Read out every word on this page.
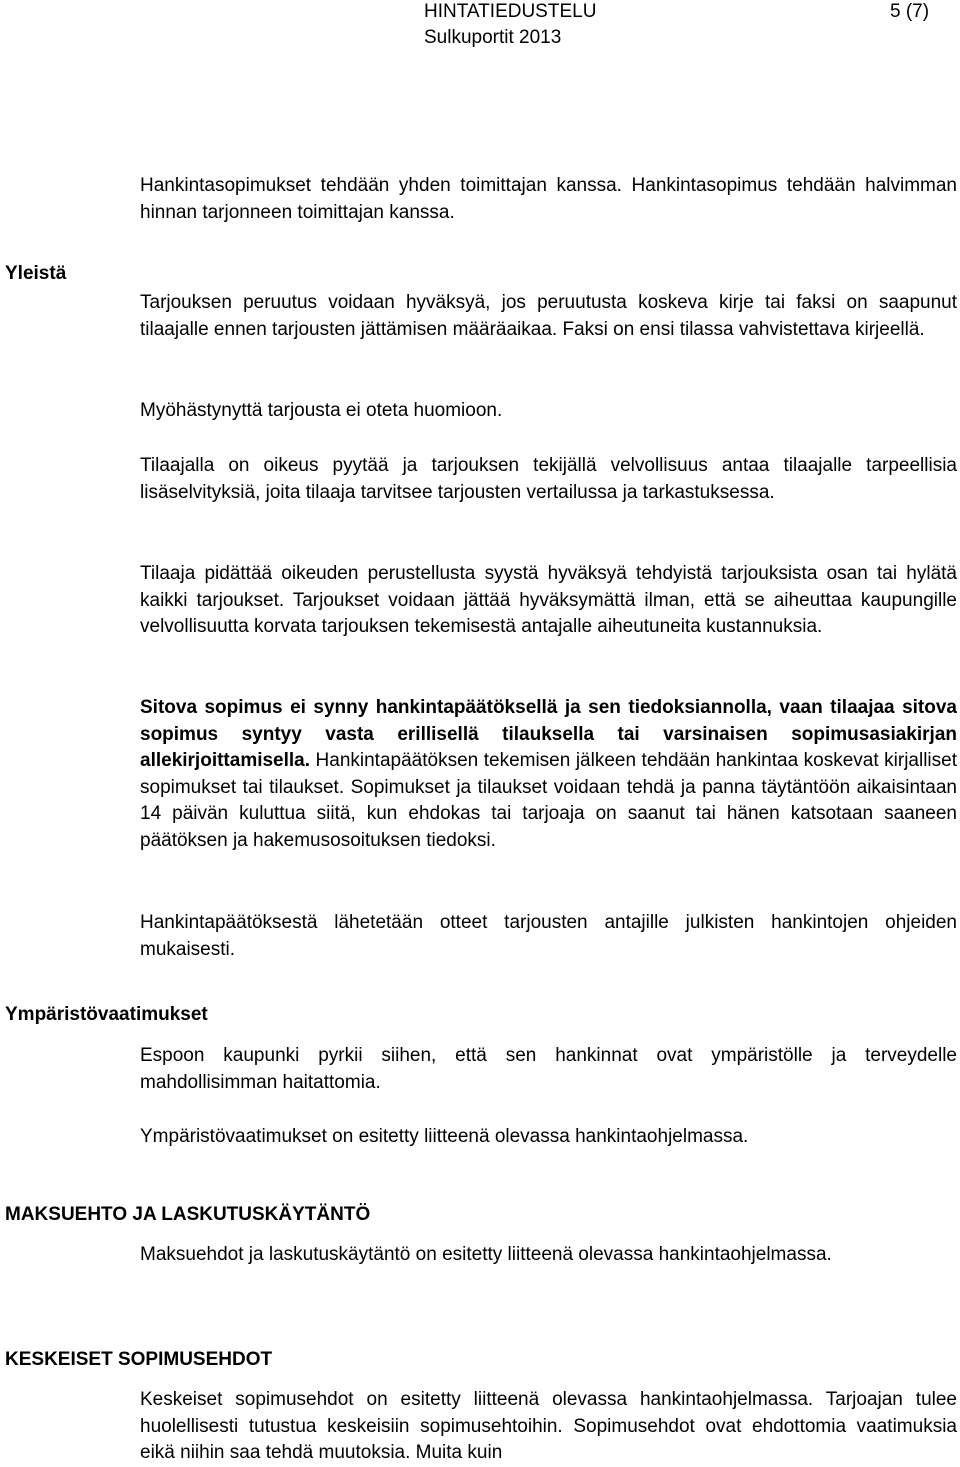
HINTATIEDUSTELU	5 (7)
Sulkuportit 2013

Hankintasopimukset tehdään yhden toimittajan kanssa. Hankintasopimus tehdään halvimman hinnan tarjonneen toimittajan kanssa.

Yleistä

Tarjouksen peruutus voidaan hyväksyä, jos peruutusta koskeva kirje tai faksi on saapunut tilaajalle ennen tarjousten jättämisen määräaikaa. Faksi on ensi tilassa vahvistettava kirjeellä.

Myöhästynyttä tarjousta ei oteta huomioon.

Tilaajalla on oikeus pyytää ja tarjouksen tekijällä velvollisuus antaa tilaajalle tarpeellisia lisäselvityksiä, joita tilaaja tarvitsee tarjousten vertailussa ja tarkastuksessa.

Tilaaja pidättää oikeuden perustellusta syystä hyväksyä tehdyistä tarjouksista osan tai hylätä kaikki tarjoukset. Tarjoukset voidaan jättää hyväksymättä ilman, että se aiheuttaa kaupungille velvollisuutta korvata tarjouksen tekemisestä antajalle aiheutuneita kustannuksia.

Sitova sopimus ei synny hankintapäätöksellä ja sen tiedoksiannolla, vaan tilaajaa sitova sopimus syntyy vasta erillisellä tilauksella tai varsinaisen sopimusasiakirjan allekirjoittamisella. Hankintapäätöksen tekemisen jälkeen tehdään hankintaa koskevat kirjalliset sopimukset tai tilaukset. Sopimukset ja tilaukset voidaan tehdä ja panna täytäntöön aikaisintaan 14 päivän kuluttua siitä, kun ehdokas tai tarjoaja on saanut tai hänen katsotaan saaneen päätöksen ja hakemusosoituksen tiedoksi.

Hankintapäätöksestä lähetetään otteet tarjousten antajille julkisten hankintojen ohjeiden mukaisesti.

Ympäristövaatimukset

Espoon kaupunki pyrkii siihen, että sen hankinnat ovat ympäristölle ja terveydelle mahdollisimman haitattomia.

Ympäristövaatimukset on esitetty liitteenä olevassa hankintaohjelmassa.

MAKSUEHTO JA LASKUTUSKÄYTÄNTÖ

Maksuehdot ja laskutuskäytäntö on esitetty liitteenä olevassa hankintaohjelmassa.

KESKEISET SOPIMUSEHDOT

Keskeiset sopimusehdot on esitetty liitteenä olevassa hankintaohjelmassa. Tarjoajan tulee huolellisesti tutustua keskeisiin sopimusehtoihin. Sopimusehdot ovat ehdottomia vaatimuksia eikä niihin saa tehdä muutoksia. Muita kuin
